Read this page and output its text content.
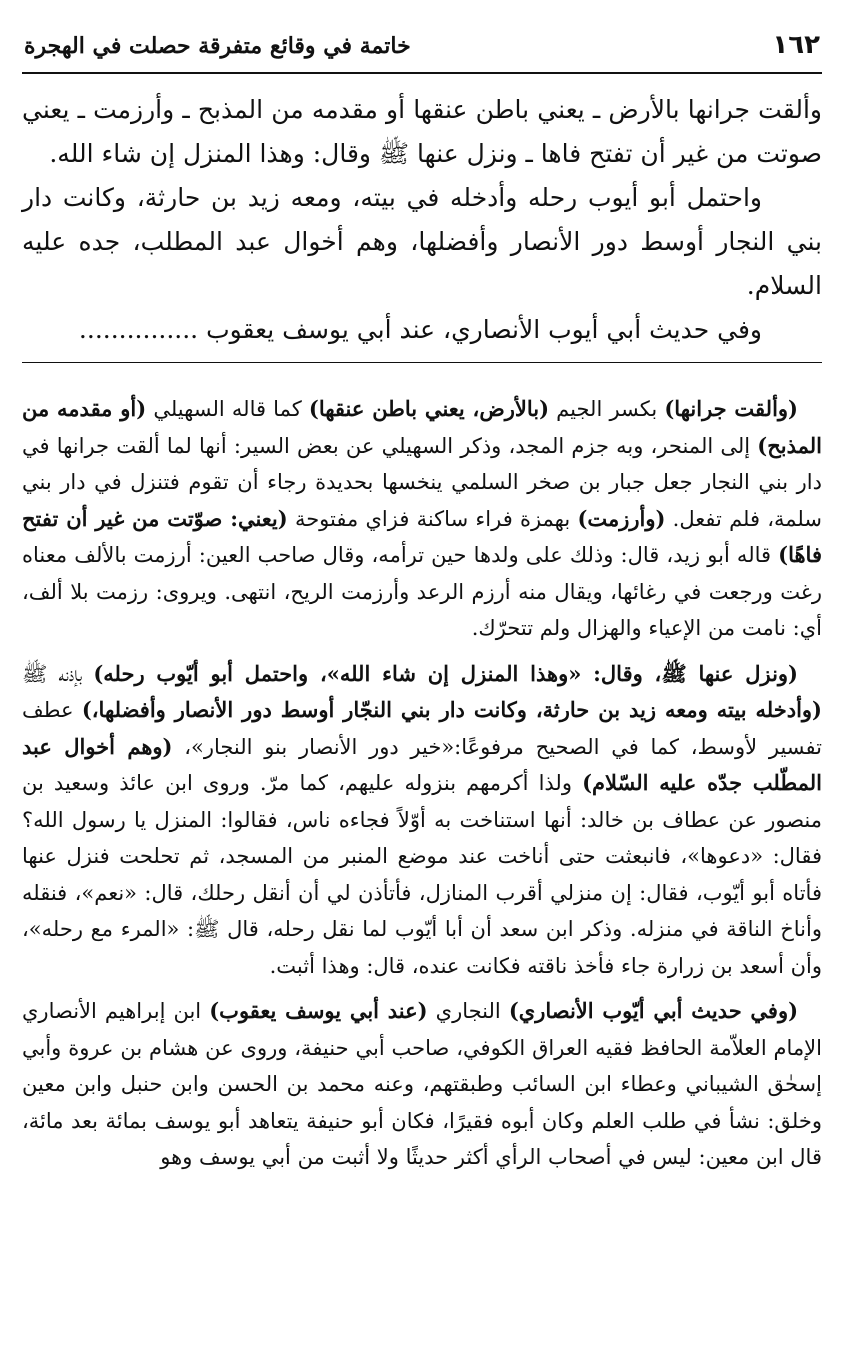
١٦٢
خاتمة في وقائع متفرقة حصلت في الهجرة

وألقت جرانها بالأرض ـ يعني باطن عنقها أو مقدمه من المذبح ـ وأرزمت ـ يعني صوتت من غير أن تفتح فاها ـ ونزل عنها ﷺ وقال: وهذا المنزل إن شاء الله.

واحتمل أبو أيوب رحله وأدخله في بيته، ومعه زيد بن حارثة، وكانت دار بني النجار أوسط دور الأنصار وأفضلها، وهم أخوال عبد المطلب، جده عليه السلام.

وفي حديث أبي أيوب الأنصاري، عند أبي يوسف يعقوب ...............

(وألقت جرانها) بكسر الجيم (بالأرض، يعني باطن عنقها) كما قاله السهيلي (أو مقدمه من المذبح) إلى المنحر، وبه جزم المجد، وذكر السهيلي عن بعض السير: أنها لما ألقت جرانها في دار بني النجار جعل جبار بن صخر السلمي ينخسها بحديدة رجاء أن تقوم فتنزل في دار بني سلمة، فلم تفعل. (وأرزمت) بهمزة فراء ساكنة فزاي مفتوحة (يعني: صوّتت من غير أن تفتح فاهًا) قاله أبو زيد، قال: وذلك على ولدها حين ترأمه، وقال صاحب العين: أرزمت بالألف معناه رغت ورجعت في رغائها، ويقال منه أرزم الرعد وأرزمت الريح، انتهى. ويروى: رزمت بلا ألف، أي: نامت من الإعياء والهزال ولم تتحرّك.

(ونزل عنها ﷺ، وقال: «وهذا المنزل إن شاء الله»، واحتمل أبو أيّوب رحله) بإذنه ﷺ (وأدخله بيته ومعه زيد بن حارثة، وكانت دار بني النجّار أوسط دور الأنصار وأفضلها،) عطف تفسير لأوسط، كما في الصحيح مرفوعًا:«خير دور الأنصار بنو النجار»، (وهم أخوال عبد المطّلب جدّه عليه السّلام) ولذا أكرمهم بنزوله عليهم، كما مرّ. وروى ابن عائذ وسعيد بن منصور عن عطاف بن خالد: أنها استناخت به أوّلاً فجاءه ناس، فقالوا: المنزل يا رسول الله؟ فقال: «دعوها»، فانبعثت حتى أناخت عند موضع المنبر من المسجد، ثم تحلحت فنزل عنها فأتاه أبو أيّوب، فقال: إن منزلي أقرب المنازل، فأتأذن لي أن أنقل رحلك، قال: «نعم»، فنقله وأناخ الناقة في منزله. وذكر ابن سعد أن أبا أيّوب لما نقل رحله، قال ﷺ: «المرء مع رحله»، وأن أسعد بن زرارة جاء فأخذ ناقته فكانت عنده، قال: وهذا أثبت.

(وفي حديث أبي أيّوب الأنصاري) النجاري (عند أبي يوسف يعقوب) ابن إبراهيم الأنصاري الإمام العلاّمة الحافظ فقيه العراق الكوفي، صاحب أبي حنيفة، وروى عن هشام بن عروة وأبي إسحٰق الشيباني وعطاء ابن السائب وطبقتهم، وعنه محمد بن الحسن وابن حنبل وابن معين وخلق: نشأ في طلب العلم وكان أبوه فقيرًا، فكان أبو حنيفة يتعاهد أبو يوسف بمائة بعد مائة، قال ابن معين: ليس في أصحاب الرأي أكثر حديثًا ولا أثبت من أبي يوسف وهو
